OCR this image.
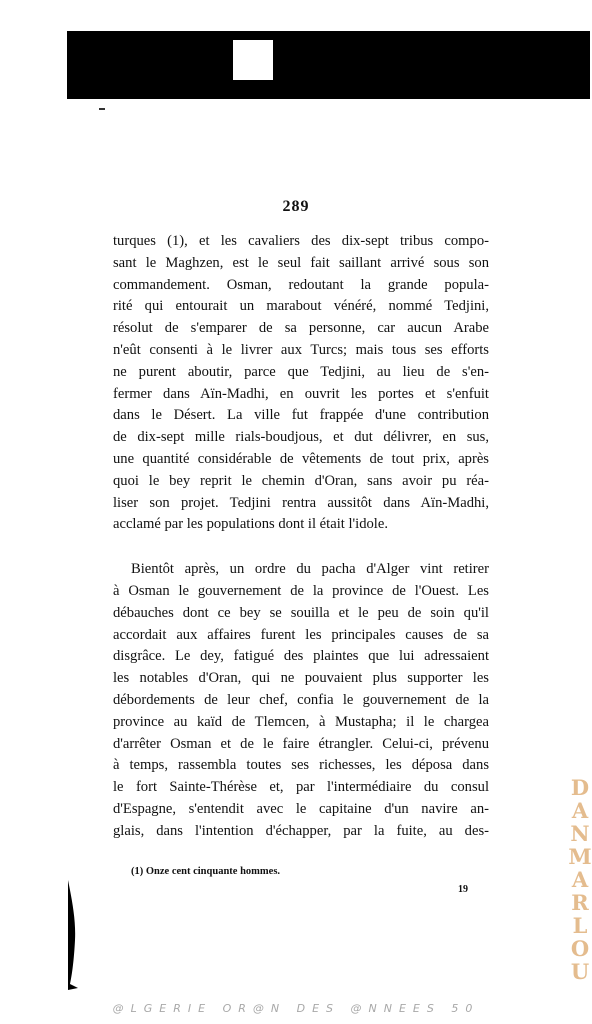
289
turques (1), et les cavaliers des dix-sept tribus compo-
sant le Maghzen, est le seul fait saillant arrivé sous son
commandement. Osman, redoutant la grande popula-
rité qui entourait un marabout vénéré, nommé Tedjini,
résolut de s'emparer de sa personne, car aucun Arabe
n'eût consenti à le livrer aux Turcs; mais tous ses efforts
ne purent aboutir, parce que Tedjini, au lieu de s'en-
fermer dans Aïn-Madhi, en ouvrit les portes et s'enfuit
dans le Désert. La ville fut frappée d'une contribution
de dix-sept mille rials-boudjous, et dut délivrer, en sus,
une quantité considérable de vêtements de tout prix, après
quoi le bey reprit le chemin d'Oran, sans avoir pu réa-
liser son projet. Tedjini rentra aussitôt dans Aïn-Madhi,
acclamé par les populations dont il était l'idole.
Bientôt après, un ordre du pacha d'Alger vint retirer
à Osman le gouvernement de la province de l'Ouest. Les
débauches dont ce bey se souilla et le peu de soin qu'il
accordait aux affaires furent les principales causes de sa
disgrâce. Le dey, fatigué des plaintes que lui adressaient
les notables d'Oran, qui ne pouvaient plus supporter les
débordements de leur chef, confia le gouvernement de la
province au kaïd de Tlemcen, à Mustapha; il le chargea
d'arrêter Osman et de le faire étrangler. Celui-ci, prévenu
à temps, rassembla toutes ses richesses, les déposa dans
le fort Sainte-Thérèse et, par l'intermédiaire du consul
d'Espagne, s'entendit avec le capitaine d'un navire an-
glais, dans l'intention d'échapper, par la fuite, au des-
(1) Onze cent cinquante hommes.
19
D
A
N
M
A
R
L
O
U
@LGERIE OR@N DES @NNEES 50
